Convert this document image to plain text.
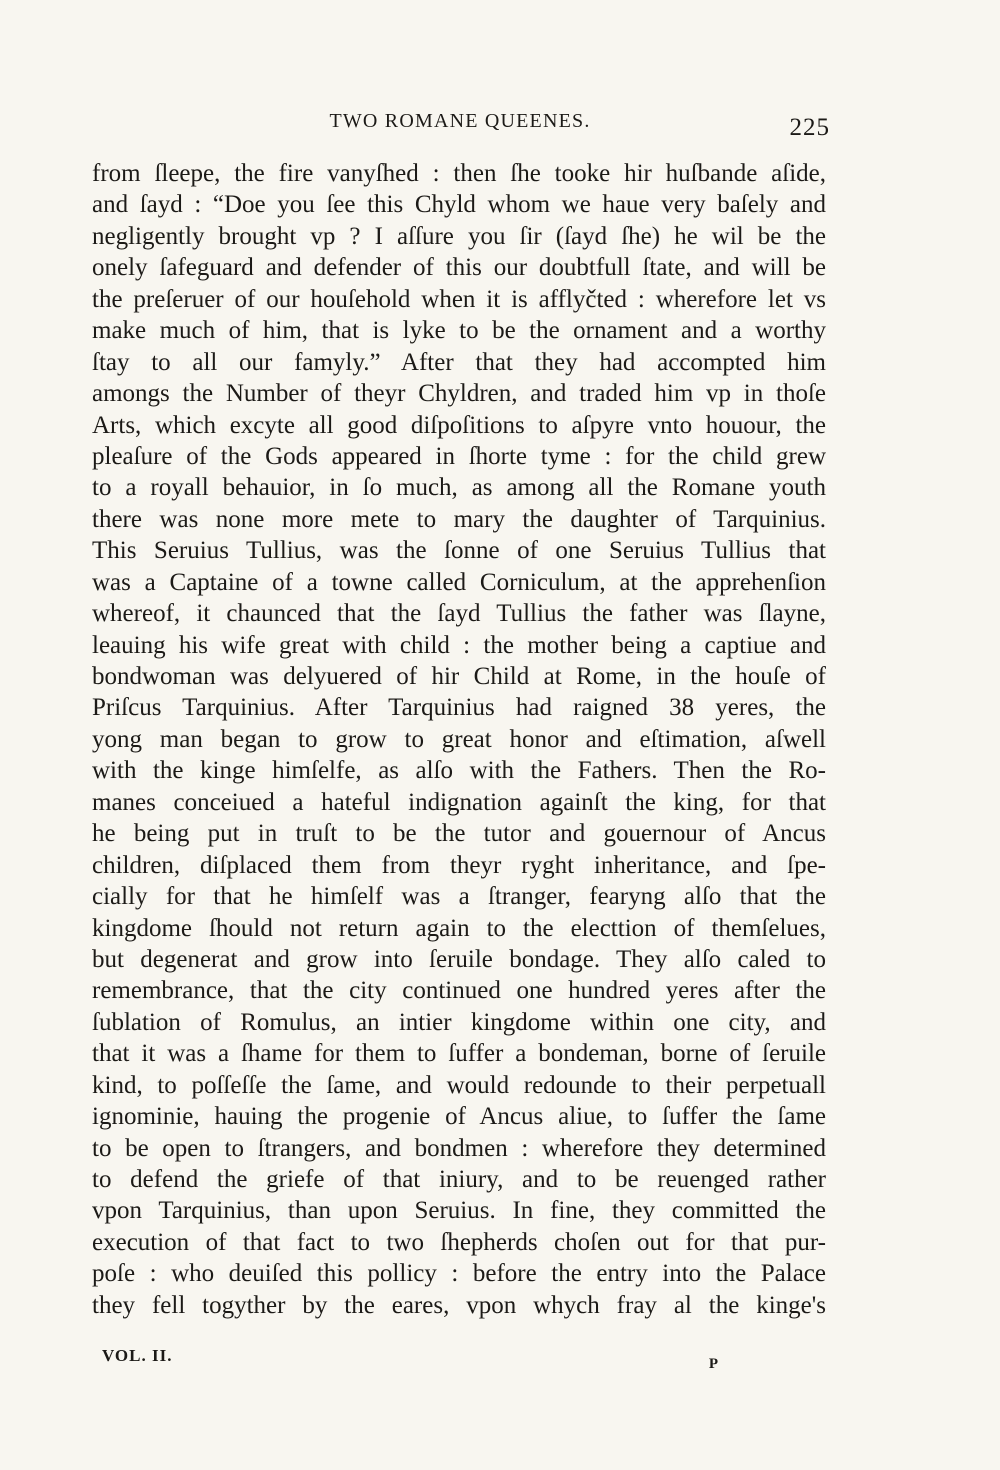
TWO ROMANE QUEENES.	225
from ſleepe, the fire vanyſhed : then ſhe tooke hir huſbande aſide,
and ſayd : “Doe you ſee this Chyld whom we haue very baſely and
negligently brought vp ? I aſſure you ſir (ſayd ſhe) he wil be the
onely ſafeguard and defender of this our doubtfull ſtate, and will be
the preſeruer of our houſehold when it is afflyčted : wherefore let vs
make much of him, that is lyke to be the ornament and a worthy
ſtay to all our famyly.” After that they had accompted him
amongs the Number of theyr Chyldren, and traded him vp in thoſe
Arts, which excyte all good diſpoſitions to aſpyre vnto houour, the
pleaſure of the Gods appeared in ſhorte tyme : for the child grew
to a royall behauior, in ſo much, as among all the Romane youth
there was none more mete to mary the daughter of Tarquinius.
This Seruius Tullius, was the ſonne of one Seruius Tullius that
was a Captaine of a towne called Corniculum, at the apprehenſion
whereof, it chaunced that the ſayd Tullius the father was ſlayne,
leauing his wife great with child : the mother being a captiue and
bondwoman was delyuered of hir Child at Rome, in the houſe of
Priſcus Tarquinius. After Tarquinius had raigned 38 yeres, the
yong man began to grow to great honor and eſtimation, aſwell
with the kinge himſelfe, as alſo with the Fathers. Then the Ro-
manes conceiued a hateful indignation againſt the king, for that
he being put in truſt to be the tutor and gouernour of Ancus
children, diſplaced them from theyr ryght inheritance, and ſpe-
cially for that he himſelf was a ſtranger, fearyng alſo that the
kingdome ſhould not return again to the electtion of themſelues,
but degenerat and grow into ſeruile bondage. They alſo caled to
remembrance, that the city continued one hundred yeres after the
ſublation of Romulus, an intier kingdome within one city, and
that it was a ſhame for them to ſuffer a bondeman, borne of ſeruile
kind, to poſſeſſe the ſame, and would redounde to their perpetuall
ignominie, hauing the progenie of Ancus aliue, to ſuffer the ſame
to be open to ſtrangers, and bondmen : wherefore they determined
to defend the griefe of that iniury, and to be reuenged rather
vpon Tarquinius, than upon Seruius. In fine, they committed the
execution of that fact to two ſhepherds choſen out for that pur-
poſe : who deuiſed this pollicy : before the entry into the Palace
they fell togyther by the eares, vpon whych fray al the kinge's
VOL. II.	P
